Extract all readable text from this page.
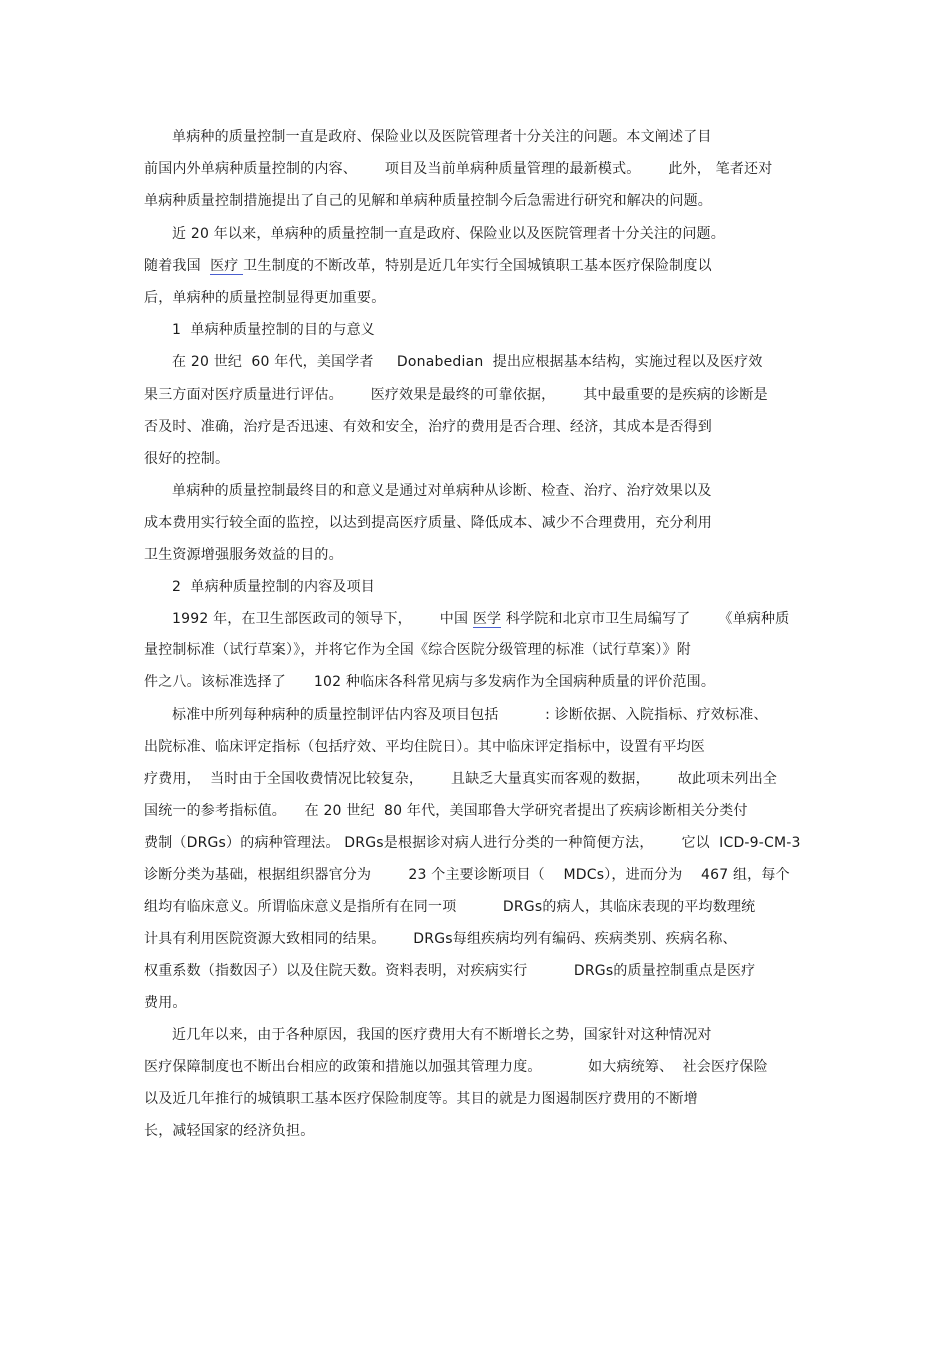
单病种的质量控制一直是政府、保险业以及医院管理者十分关注的问题。本文阐述了目
前国内外单病种质量控制的内容、      项目及当前单病种质量管理的最新模式。      此外， 笔者还对
单病种质量控制措施提出了自己的见解和单病种质量控制今后急需进行研究和解决的问题。
近 20 年以来，单病种的质量控制一直是政府、保险业以及医院管理者十分关注的问题。
随着我国  医疗 卫生制度的不断改革，特别是近几年实行全国城镇职工基本医疗保险制度以
后，单病种的质量控制显得更加重要。
1  单病种质量控制的目的与意义
在 20 世纪  60 年代，美国学者     Donabedian  提出应根据基本结构，实施过程以及医疗效
果三方面对医疗质量进行评估。      医疗效果是最终的可靠依据，      其中最重要的是疾病的诊断是
否及时、准确，治疗是否迅速、有效和安全，治疗的费用是否合理、经济，其成本是否得到
很好的控制。
单病种的质量控制最终目的和意义是通过对单病种从诊断、检查、治疗、治疗效果以及
成本费用实行较全面的监控，以达到提高医疗质量、降低成本、减少不合理费用，充分利用
卫生资源增强服务效益的目的。
2  单病种质量控制的内容及项目
1992 年，在卫生部医政司的领导下，      中国 医学 科学院和北京市卫生局编写了      《单病种质
量控制标准（试行草案）》，并将它作为全国《综合医院分级管理的标准（试行草案）》附
件之八。该标准选择了      102 种临床各科常见病与多发病作为全国病种质量的评价范围。
标准中所列每种病种的质量控制评估内容及项目包括          : 诊断依据、入院指标、疗效标准、
出院标准、临床评定指标（包括疗效、平均住院日）。其中临床评定指标中，设置有平均医
疗费用，  当时由于全国收费情况比较复杂，      且缺乏大量真实而客观的数据，      故此项未列出全
国统一的参考指标值。    在 20 世纪  80 年代，美国耶鲁大学研究者提出了疾病诊断相关分类付
费制（DRGs）的病种管理法。 DRGs是根据诊对病人进行分类的一种简便方法，      它以  ICD-9-CM-3
诊断分类为基础，根据组织器官分为        23 个主要诊断项目（    MDCs），进而分为    467 组，每个
组均有临床意义。所谓临床意义是指所有在同一项          DRGs的病人，其临床表现的平均数理统
计具有利用医院资源大致相同的结果。      DRGs每组疾病均列有编码、疾病类别、疾病名称、
权重系数（指数因子）以及住院天数。资料表明，对疾病实行          DRGs的质量控制重点是医疗
费用。
近几年以来，由于各种原因，我国的医疗费用大有不断增长之势，国家针对这种情况对
医疗保障制度也不断出台相应的政策和措施以加强其管理力度。          如大病统筹、  社会医疗保险
以及近几年推行的城镇职工基本医疗保险制度等。其目的就是力图遏制医疗费用的不断增
长，减轻国家的经济负担。
